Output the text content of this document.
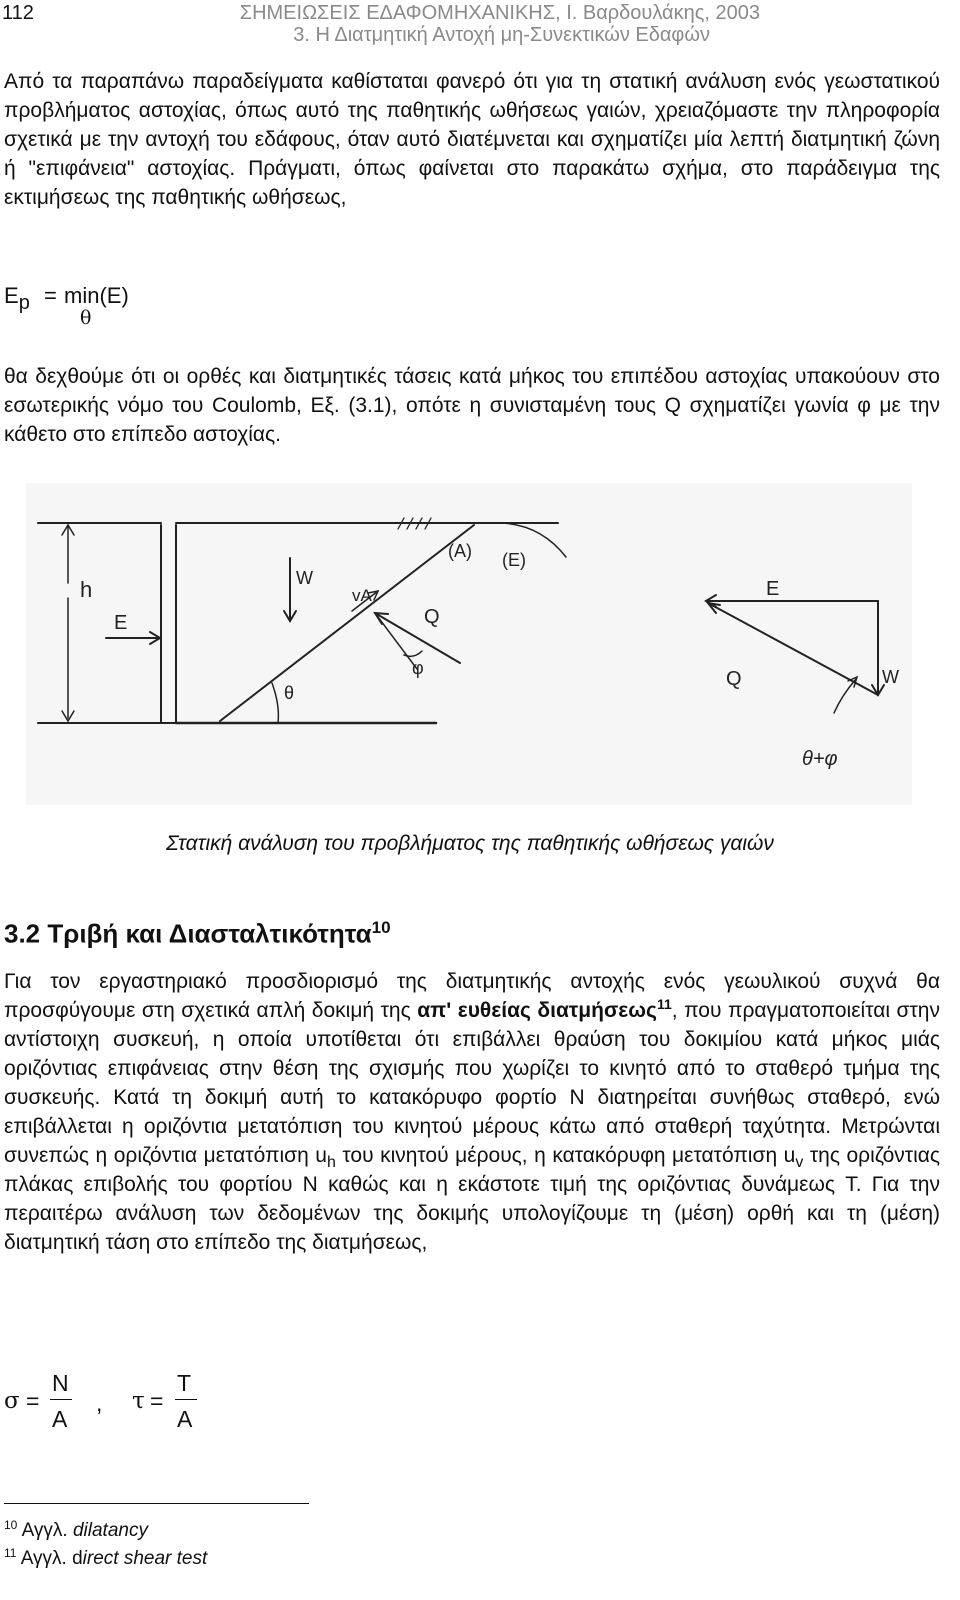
112	ΣΗΜΕΙΩΣΕΙΣ ΕΔΑΦΟΜΗΧΑΝΙΚΗΣ, Ι. Βαρδουλάκης, 2003
3. Η Διατμητική Αντοχή μη-Συνεκτικών Εδαφών

Από τα παραπάνω παραδείγματα καθίσταται φανερό ότι για τη στατική ανάλυση ενός γεωστατικού προβλήματος αστοχίας, όπως αυτό της παθητικής ωθήσεως γαιών, χρειαζόμαστε την πληροφορία σχετικά με την αντοχή του εδάφους, όταν αυτό διατέμνεται και σχηματίζει μία λεπτή διατμητική ζώνη ή "επιφάνεια" αστοχίας. Πράγματι, όπως φαίνεται στο παρακάτω σχήμα, στο παράδειγμα της εκτιμήσεως της παθητικής ωθήσεως,

$E_p = \min(E)$
θ

θα δεχθούμε ότι οι ορθές και διατμητικές τάσεις κατά μήκος του επιπέδου αστοχίας υπακούουν στο εσωτερικής νόμο του Coulomb, Εξ. (3.1), οπότε η συνισταμένη τους Q σχηματίζει γωνία φ με την κάθετο στο επίπεδο αστοχίας.

h
E
W
(A) (E)
vA
Q
φ
θ
E
Q	W
θ+φ
Στατική ανάλυση του προβλήματος της παθητικής ωθήσεως γαιών
3.2 Τριβή και Διασταλτικότητα$^{10}$

Για τον εργαστηριακό προσδιορισμό της διατμητικής αντοχής ενός γεωυλικού συχνά θα προσφύγουμε στη σχετικά απλή δοκιμή της απ' ευθείας διατμήσεως$^{11}$, που πραγματοποιείται στην αντίστοιχη συσκευή, η οποία υποτίθεται ότι επιβάλλει θραύση του δοκιμίου κατά μήκος μιάς οριζόντιας επιφάνειας στην θέση της σχισμής που χωρίζει το κινητό από το σταθερό τμήμα της συσκευής. Κατά τη δοκιμή αυτή το κατακόρυφο φορτίο N διατηρείται συνήθως σταθερό, ενώ επιβάλλεται η οριζόντια μετατόπιση του κινητού μέρους κάτω από σταθερή ταχύτητα. Μετρώνται συνεπώς η οριζόντια μετατόπιση $u_h$ του κινητού μέρους, η κατακόρυφη μετατόπιση $u_v$ της οριζόντιας πλάκας επιβολής του φορτίου N καθώς και η εκάστοτε τιμή της οριζόντιας δυνάμεως T. Για την περαιτέρω ανάλυση των δεδομένων της δοκιμής υπολογίζουμε τη (μέση) ορθή και τη (μέση) διατμητική τάση στο επίπεδο της διατμήσεως,

σ =
N
A
, τ =
T
A
$^{10}$ Αγγλ. dilatancy
$^{11}$ Αγγλ. direct shear test
